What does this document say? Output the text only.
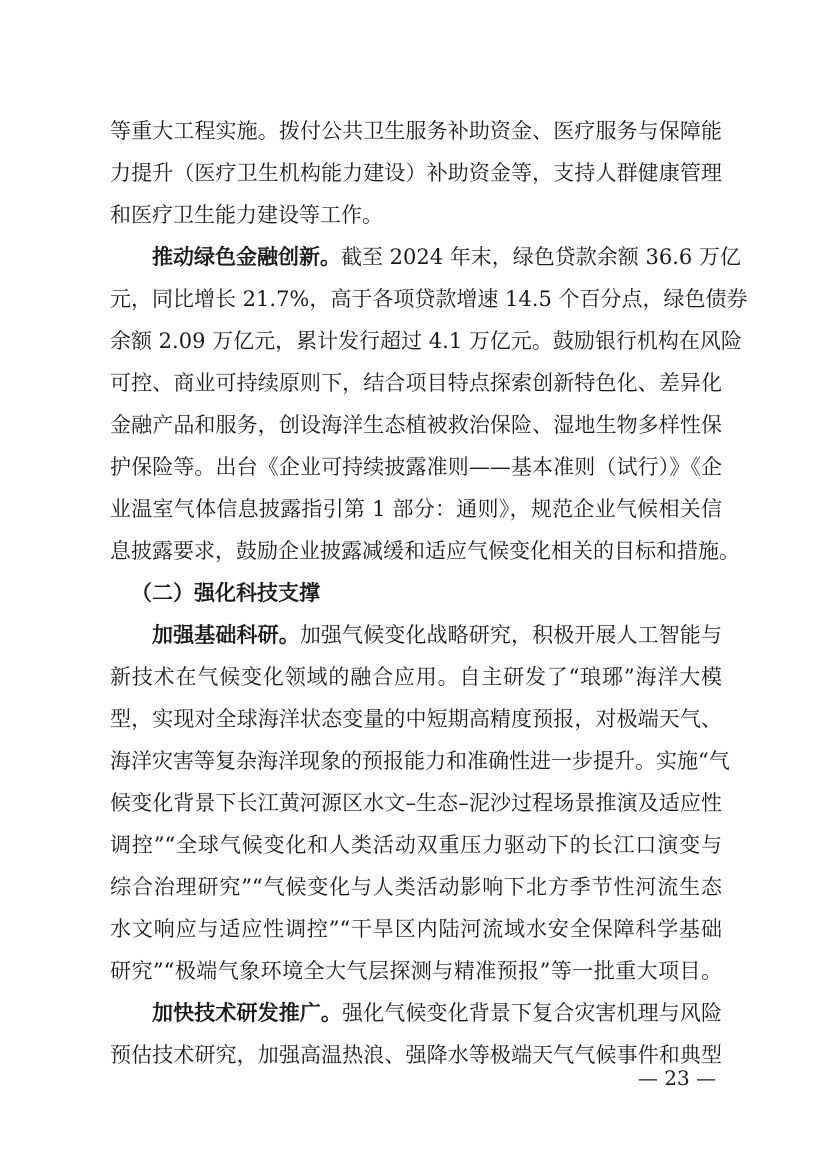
等重大工程实施。拨付公共卫生服务补助资金、医疗服务与保障能
力提升（医疗卫生机构能力建设）补助资金等，支持人群健康管理
和医疗卫生能力建设等工作。
推动绿色金融创新。截至 2024 年末，绿色贷款余额 36.6 万亿
元，同比增长 21.7%，高于各项贷款增速 14.5 个百分点，绿色债券
余额 2.09 万亿元，累计发行超过 4.1 万亿元。鼓励银行机构在风险
可控、商业可持续原则下，结合项目特点探索创新特色化、差异化
金融产品和服务，创设海洋生态植被救治保险、湿地生物多样性保
护保险等。出台《企业可持续披露准则——基本准则（试行）》《企
业温室气体信息披露指引第 1 部分：通则》，规范企业气候相关信
息披露要求，鼓励企业披露减缓和适应气候变化相关的目标和措施。
（二）强化科技支撑
加强基础科研。加强气候变化战略研究，积极开展人工智能与
新技术在气候变化领域的融合应用。自主研发了“琅琊”海洋大模
型，实现对全球海洋状态变量的中短期高精度预报，对极端天气、
海洋灾害等复杂海洋现象的预报能力和准确性进一步提升。实施“气
候变化背景下长江黄河源区水文–生态–泥沙过程场景推演及适应性
调控”“全球气候变化和人类活动双重压力驱动下的长江口演变与
综合治理研究”“气候变化与人类活动影响下北方季节性河流生态
水文响应与适应性调控”“干旱区内陆河流域水安全保障科学基础
研究”“极端气象环境全大气层探测与精准预报”等一批重大项目。
加快技术研发推广。强化气候变化背景下复合灾害机理与风险
预估技术研究，加强高温热浪、强降水等极端天气气候事件和典型
— 23 —
